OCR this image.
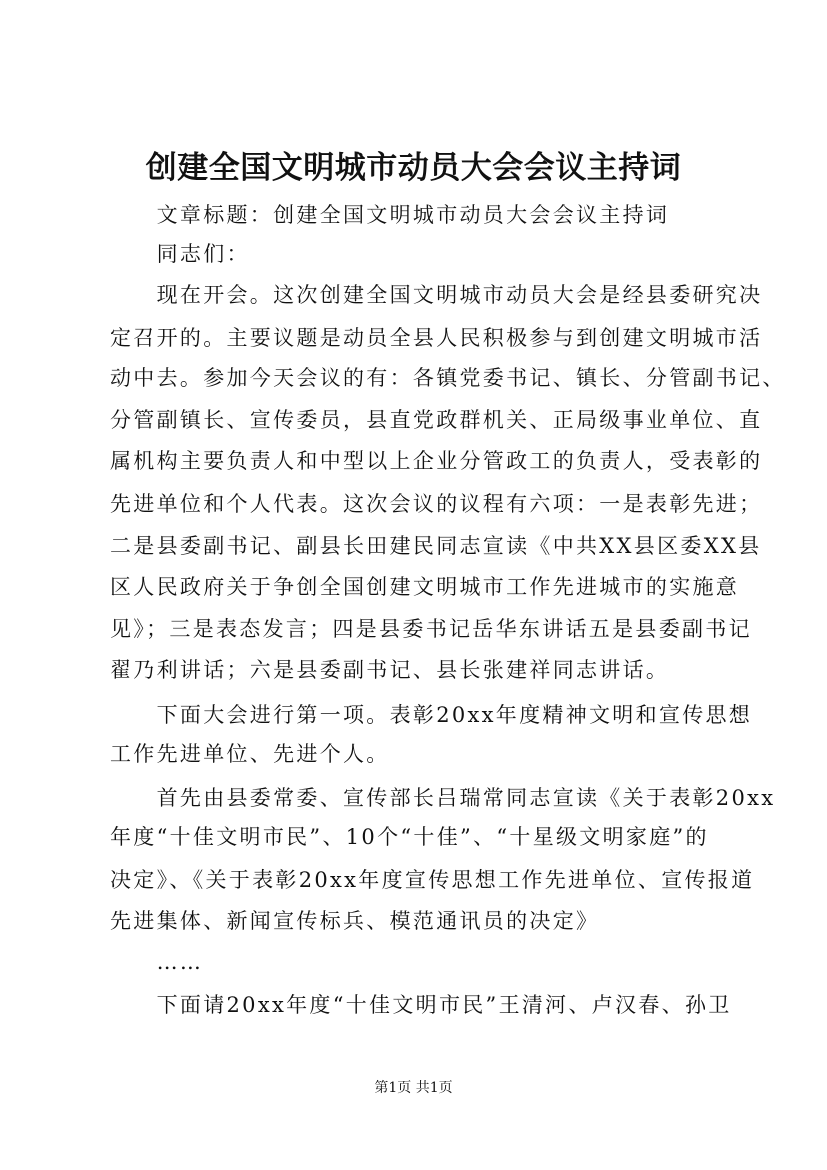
创建全国文明城市动员大会会议主持词
　　文章标题：创建全国文明城市动员大会会议主持词
　　同志们：
　　现在开会。这次创建全国文明城市动员大会是经县委研究决
定召开的。主要议题是动员全县人民积极参与到创建文明城市活
动中去。参加今天会议的有：各镇党委书记、镇长、分管副书记、
分管副镇长、宣传委员，县直党政群机关、正局级事业单位、直
属机构主要负责人和中型以上企业分管政工的负责人，受表彰的
先进单位和个人代表。这次会议的议程有六项：一是表彰先进；
二是县委副书记、副县长田建民同志宣读《中共XX县区委XX县
区人民政府关于争创全国创建文明城市工作先进城市的实施意
见》；三是表态发言；四是县委书记岳华东讲话五是县委副书记
翟乃利讲话；六是县委副书记、县长张建祥同志讲话。
　　下面大会进行第一项。表彰20xx年度精神文明和宣传思想
工作先进单位、先进个人。
　　首先由县委常委、宣传部长吕瑞常同志宣读《关于表彰20xx
年度“十佳文明市民”、10个“十佳”、“十星级文明家庭”的
决定》、《关于表彰20xx年度宣传思想工作先进单位、宣传报道
先进集体、新闻宣传标兵、模范通讯员的决定》
　　……
　　下面请20xx年度“十佳文明市民”王清河、卢汉春、孙卫
第1页 共1页
